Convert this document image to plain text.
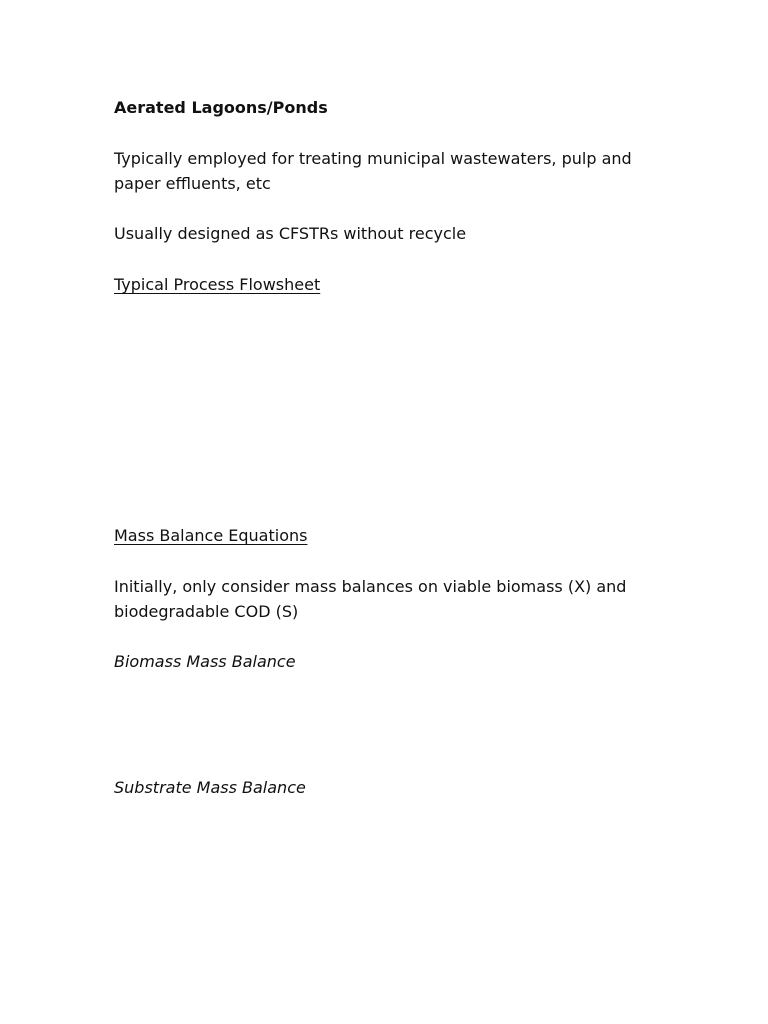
Aerated Lagoons/Ponds
Typically employed for treating municipal wastewaters, pulp and
paper effluents, etc
Usually designed as CFSTRs without recycle
Typical Process Flowsheet
Mass Balance Equations
Initially, only consider mass balances on viable biomass (X) and
biodegradable COD (S)
Biomass Mass Balance
Substrate Mass Balance
